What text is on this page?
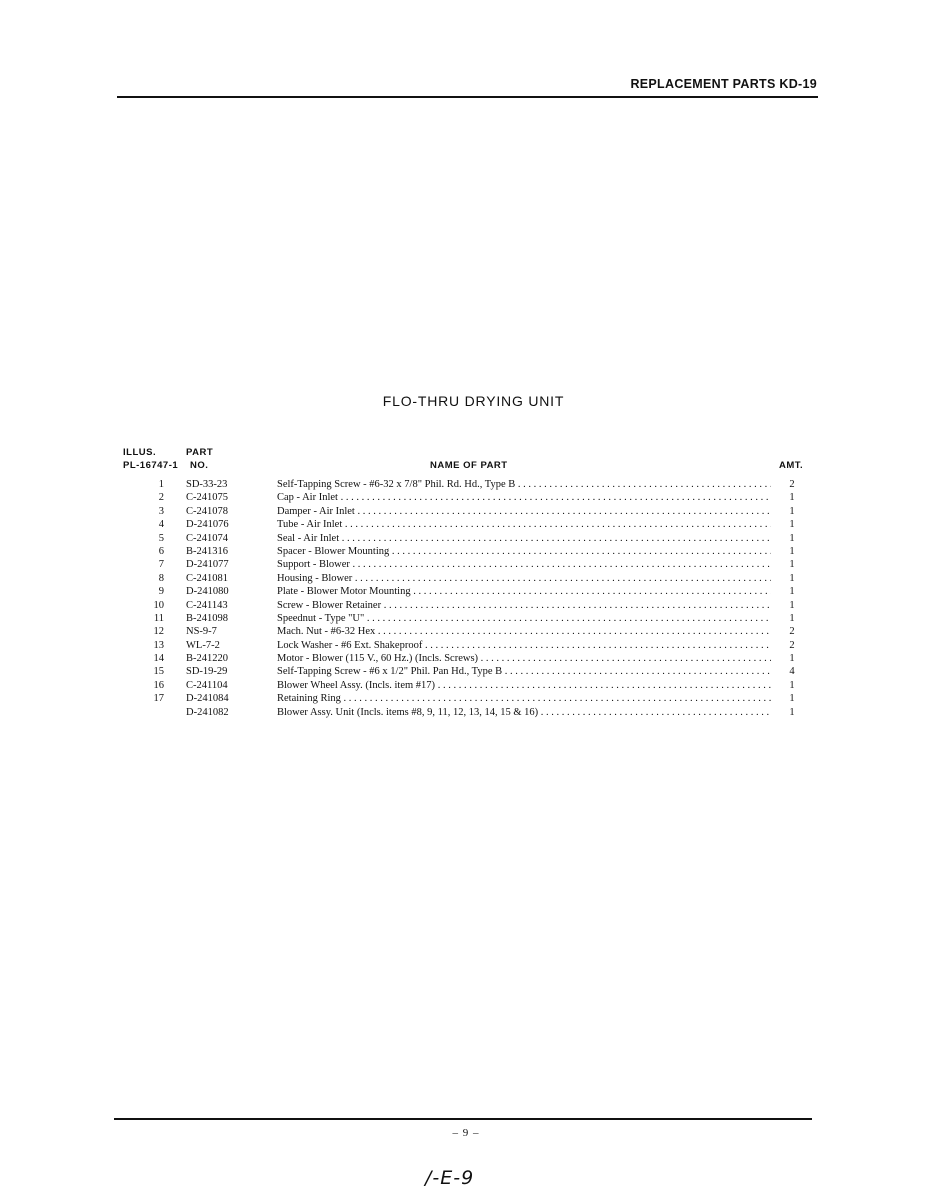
REPLACEMENT PARTS KD-19
FLO-THRU DRYING UNIT
ILLUS.	PART
PL-16747-1 NO.	NAME OF PART	AMT.
1 SD-33-23	Self-Tapping Screw - #6-32 x 7/8" Phil. Rd. Hd., Type B . . .	2
2 C-241075	Cap - Air Inlet . . .	1
3 C-241078	Damper - Air Inlet . . .	1
4 D-241076	Tube - Air Inlet . . .	1
5 C-241074	Seal - Air Inlet . . .	1
6 B-241316	Spacer - Blower Mounting . . .	1
7 D-241077	Support - Blower . . .	1
8 C-241081	Housing - Blower . . .	1
9 D-241080	Plate - Blower Motor Mounting . . .	1
10 C-241143	Screw - Blower Retainer . . .	1
11 B-241098	Speednut - Type "U" . . .	1
12 NS-9-7	Mach. Nut - #6-32 Hex . . .	2
13 WL-7-2	Lock Washer - #6 Ext. Shakeproof . . .	2
14 B-241220	Motor - Blower (115 V., 60 Hz.) (Incls. Screws) . . .	1
15 SD-19-29	Self-Tapping Screw - #6 x 1/2" Phil. Pan Hd., Type B . . .	4
16 C-241104	Blower Wheel Assy. (Incls. item #17) . . .	1
17 D-241084	Retaining Ring . . .	1
D-241082	Blower Assy. Unit (Incls. items #8, 9, 11, 12, 13, 14, 15 & 16) . . .	1
– 9 –
/-E-9
